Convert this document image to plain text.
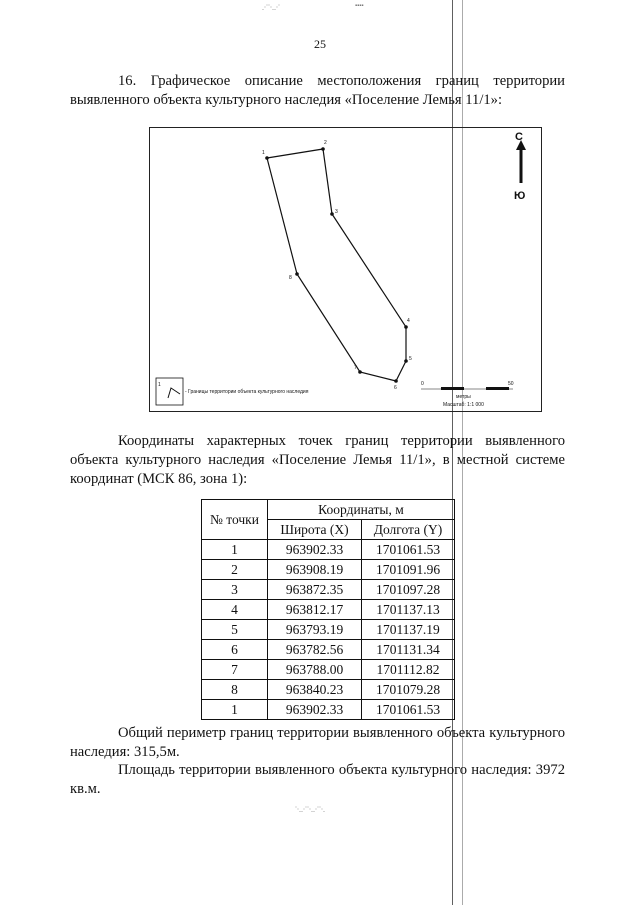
⋰⋱⋰	▪▪▪▪
⋱⋰⋱⋰⋱
25

16. Графическое описание местоположения границ территории выявленного объекта культурного наследия «Поселение Лемья 11/1»:

1
2
3
4
5
6
7
8
С
Ю
1
- Границы территории объекта культурного наследия
0	50
метры
Масштаб: 1:1 000

Координаты характерных точек границ территории выявленного объекта культурного наследия «Поселение Лемья 11/1», в местной системе координат (МСК 86, зона 1):

№ точки	Координаты, м	
	Широта (X)	Долгота (Y)
1	963902.33	1701061.53
2	963908.19	1701091.96
3	963872.35	1701097.28
4	963812.17	1701137.13
5	963793.19	1701137.19
6	963782.56	1701131.34
7	963788.00	1701112.82
8	963840.23	1701079.28
1	963902.33	1701061.53

Общий периметр границ территории выявленного объекта культурного наследия: 315,5м.

Площадь территории выявленного объекта культурного наследия: 3972 кв.м.
